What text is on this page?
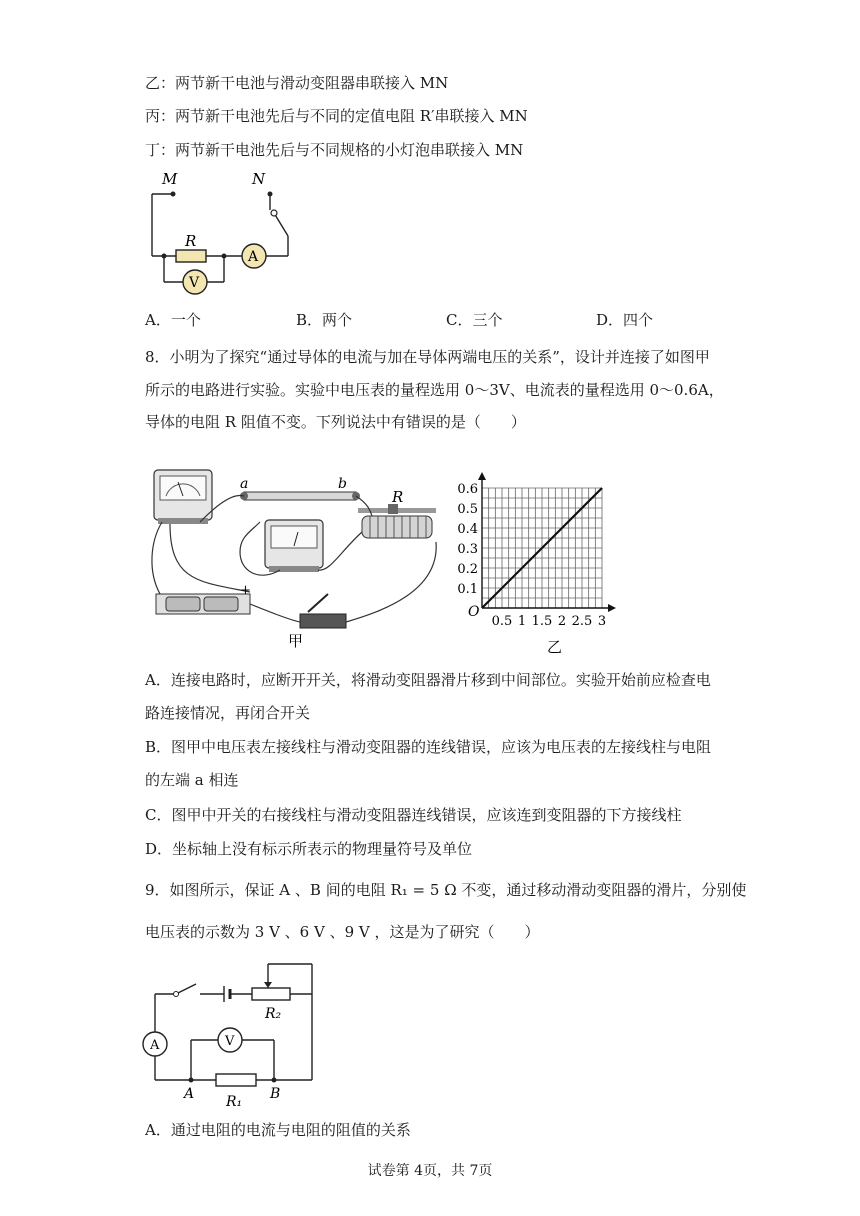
乙：两节新干电池与滑动变阻器串联接入 MN
丙：两节新干电池先后与不同的定值电阻 R′串联接入 MN
丁：两节新干电池先后与不同规格的小灯泡串联接入 MN
M	N
R
A
V
A．一个	B．两个	C．三个	D．四个
8．小明为了探究“通过导体的电流与加在导体两端电压的关系”，设计并连接了如图甲
所示的电路进行实验。实验中电压表的量程选用 0～3V、电流表的量程选用 0～0.6A，
导体的电阻 R 阻值不变。下列说法中有错误的是（　　）
a	b
R
+
甲
0.1
0.2
0.3
0.4
0.5
0.6
0.5 1 1.5 2 2.5 3
O
乙
A．连接电路时，应断开开关，将滑动变阻器滑片移到中间部位。实验开始前应检查电
路连接情况，再闭合开关
B．图甲中电压表左接线柱与滑动变阻器的连线错误，应该为电压表的左接线柱与电阻
的左端 a 相连
C．图甲中开关的右接线柱与滑动变阻器连线错误，应该连到变阻器的下方接线柱
D．坐标轴上没有标示所表示的物理量符号及单位
9．如图所示，保证 A 、B 间的电阻 R₁ = 5 Ω 不变，通过移动滑动变阻器的滑片，分别使
电压表的示数为 3 V 、6 V 、9 V ，这是为了研究（　　）
A	V
R₂
R₁
A	B
A．通过电阻的电流与电阻的阻值的关系
试卷第 4页，共 7页
